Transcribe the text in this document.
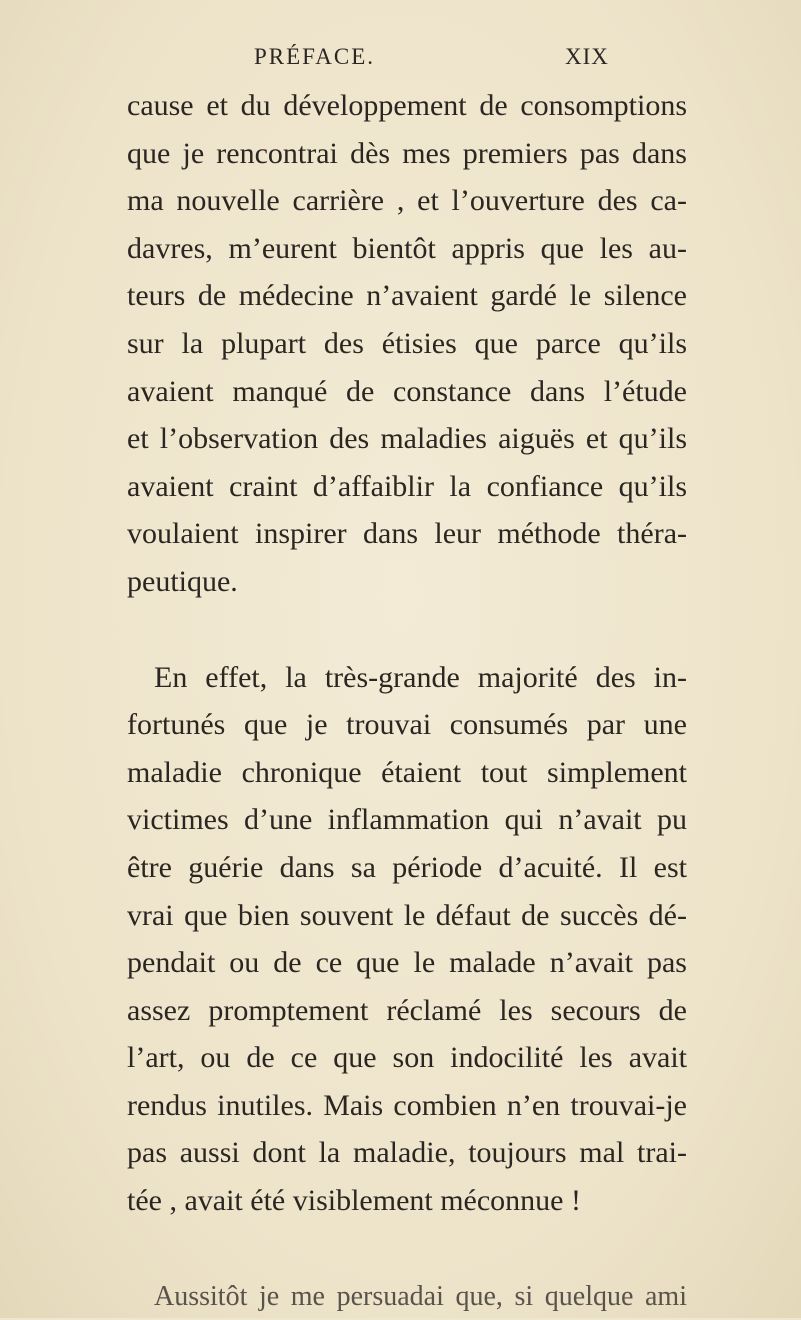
PRÉFACE.	XIX
cause et du développement de consomptions
que je rencontrai dès mes premiers pas dans
ma nouvelle carrière , et l’ouverture des ca-
davres, m’eurent bientôt appris que les au-
teurs de médecine n’avaient gardé le silence
sur la plupart des étisies que parce qu’ils
avaient manqué de constance dans l’étude
et l’observation des maladies aiguës et qu’ils
avaient craint d’affaiblir la confiance qu’ils
voulaient inspirer dans leur méthode théra-
peutique.
En effet, la très-grande majorité des in-
fortunés que je trouvai consumés par une
maladie chronique étaient tout simplement
victimes d’une inflammation qui n’avait pu
être guérie dans sa période d’acuité. Il est
vrai que bien souvent le défaut de succès dé-
pendait ou de ce que le malade n’avait pas
assez promptement réclamé les secours de
l’art, ou de ce que son indocilité les avait
rendus inutiles. Mais combien n’en trouvai-je
pas aussi dont la maladie, toujours mal trai-
tée , avait été visiblement méconnue !
Aussitôt je me persuadai que, si quelque ami
